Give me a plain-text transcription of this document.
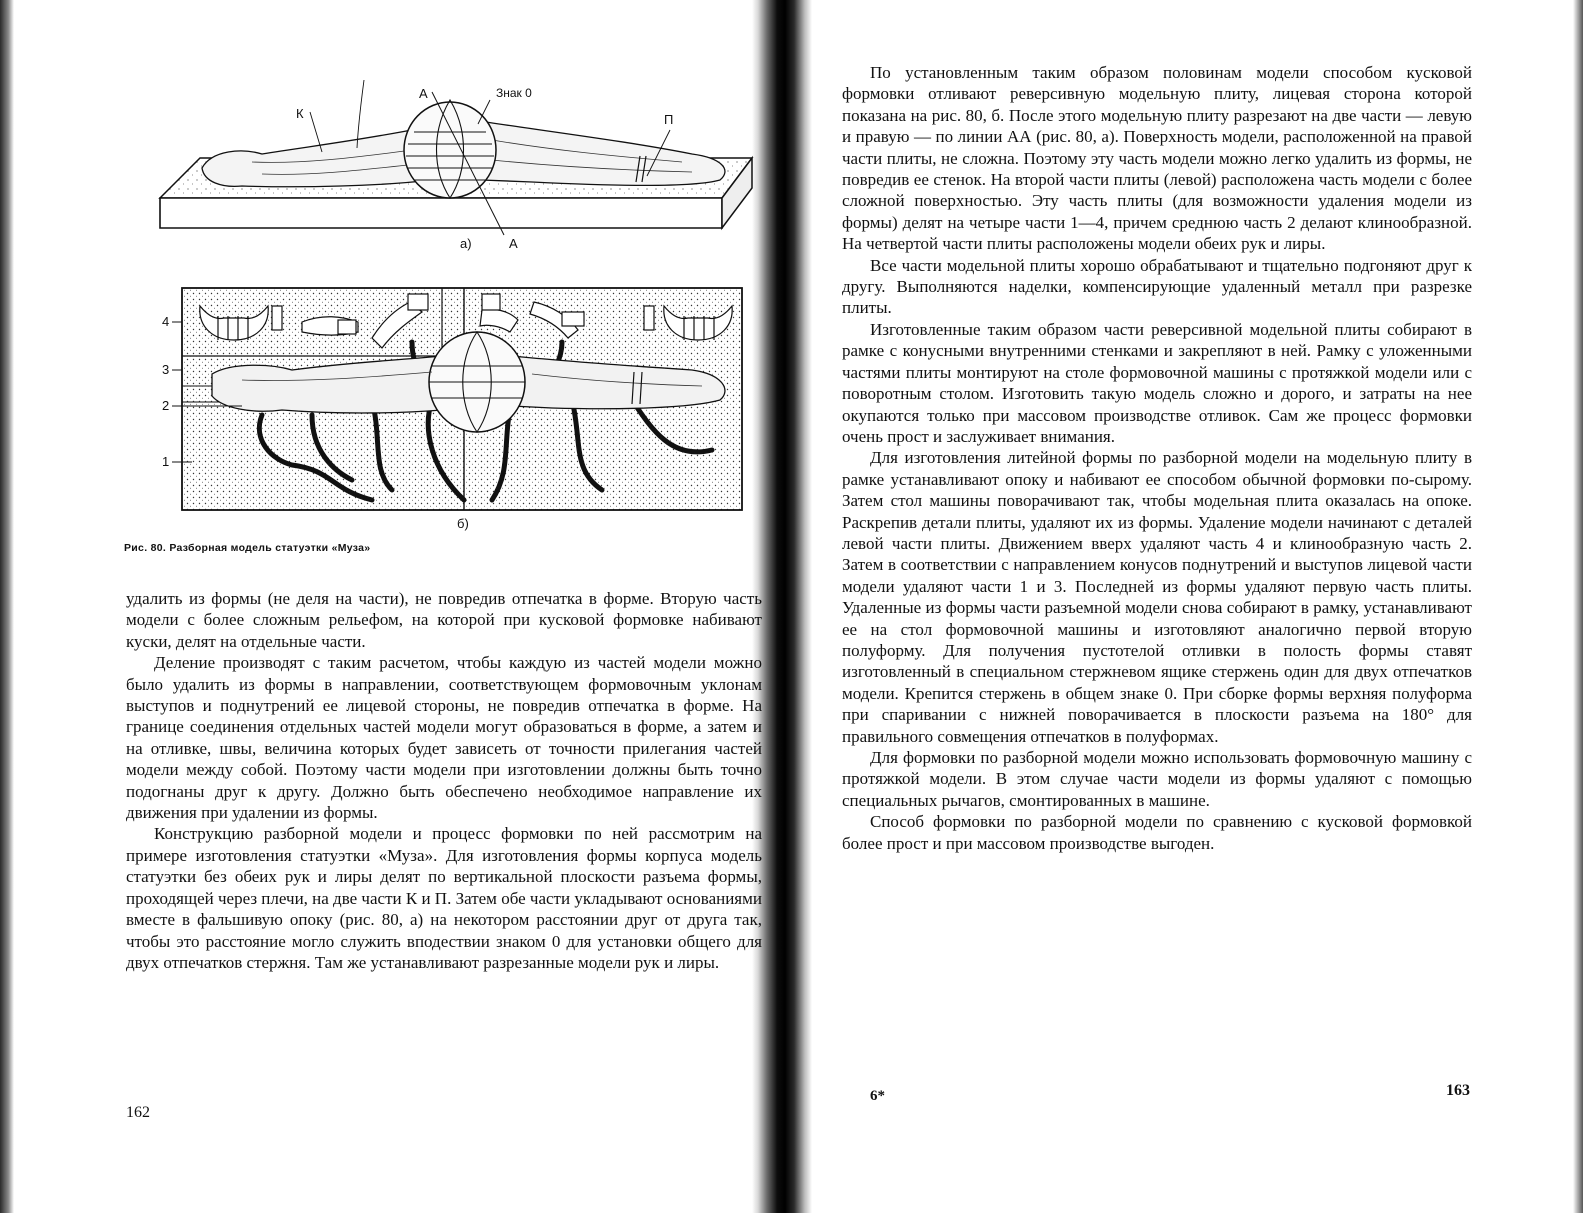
К
А	Знак 0
П
А
а)
б)
4
3
2
1
Рис. 80. Разборная модель статуэтки «Муза»

удалить из формы (не деля на части), не повредив отпечатка в форме. Вторую часть модели с более сложным рельефом, на которой при кусковой формовке набивают куски, делят на отдельные части.

Деление производят с таким расчетом, чтобы каждую из частей модели можно было удалить из формы в направлении, соответствующем формовочным уклонам выступов и поднутрений ее лицевой стороны, не повредив отпечатка в форме. На границе соединения отдельных частей модели могут образоваться в форме, а затем и на отливке, швы, величина которых будет зависеть от точности прилегания частей модели между собой. Поэтому части модели при изготовлении должны быть точно подогнаны друг к другу. Должно быть обеспечено необходимое направление их движения при удалении из формы.

Конструкцию разборной модели и процесс формовки по ней рассмотрим на примере изготовления статуэтки «Муза». Для изготовления формы корпуса модель статуэтки без обеих рук и лиры делят по вертикальной плоскости разъема формы, проходящей через плечи, на две части К и П. Затем обе части укладывают основаниями вместе в фальшивую опоку (рис. 80, а) на некотором расстоянии друг от друга так, чтобы это расстояние могло служить вподествии знаком 0 для установки общего для двух отпечатков стержня. Там же устанавливают разрезанные модели рук и лиры.

162

По установленным таким образом половинам модели способом кусковой формовки отливают реверсивную модельную плиту, лицевая сторона которой показана на рис. 80, б. После этого модельную плиту разрезают на две части — левую и правую — по линии АА (рис. 80, а). Поверхность модели, расположенной на правой части плиты, не сложна. Поэтому эту часть модели можно легко удалить из формы, не повредив ее стенок. На второй части плиты (левой) расположена часть модели с более сложной поверхностью. Эту часть плиты (для возможности удаления модели из формы) делят на четыре части 1—4, причем среднюю часть 2 делают клинообразной. На четвертой части плиты расположены модели обеих рук и лиры.

Все части модельной плиты хорошо обрабатывают и тщательно подгоняют друг к другу. Выполняются наделки, компенсирующие удаленный металл при разрезке плиты.

Изготовленные таким образом части реверсивной модельной плиты собирают в рамке с конусными внутренними стенками и закрепляют в ней. Рамку с уложенными частями плиты монтируют на столе формовочной машины с протяжкой модели или с поворотным столом. Изготовить такую модель сложно и дорого, и затраты на нее окупаются только при массовом производстве отливок. Сам же процесс формовки очень прост и заслуживает внимания.

Для изготовления литейной формы по разборной модели на модельную плиту в рамке устанавливают опоку и набивают ее способом обычной формовки по-сырому. Затем стол машины поворачивают так, чтобы модельная плита оказалась на опоке. Раскрепив детали плиты, удаляют их из формы. Удаление модели начинают с деталей левой части плиты. Движением вверх удаляют часть 4 и клинообразную часть 2. Затем в соответствии с направлением конусов поднутрений и выступов лицевой части модели удаляют части 1 и 3. Последней из формы удаляют первую часть плиты. Удаленные из формы части разъемной модели снова собирают в рамку, устанавливают ее на стол формовочной машины и изготовляют аналогично первой вторую полуформу. Для получения пустотелой отливки в полость формы ставят изготовленный в специальном стержневом ящике стержень один для двух отпечатков модели. Крепится стержень в общем знаке 0. При сборке формы верхняя полуформа при спаривании с нижней поворачивается в плоскости разъема на 180° для правильного совмещения отпечатков в полуформах.

Для формовки по разборной модели можно использовать формовочную машину с протяжкой модели. В этом случае части модели из формы удаляют с помощью специальных рычагов, смонтированных в машине.

Способ формовки по разборной модели по сравнению с кусковой формовкой более прост и при массовом производстве выгоден.

6*	163
